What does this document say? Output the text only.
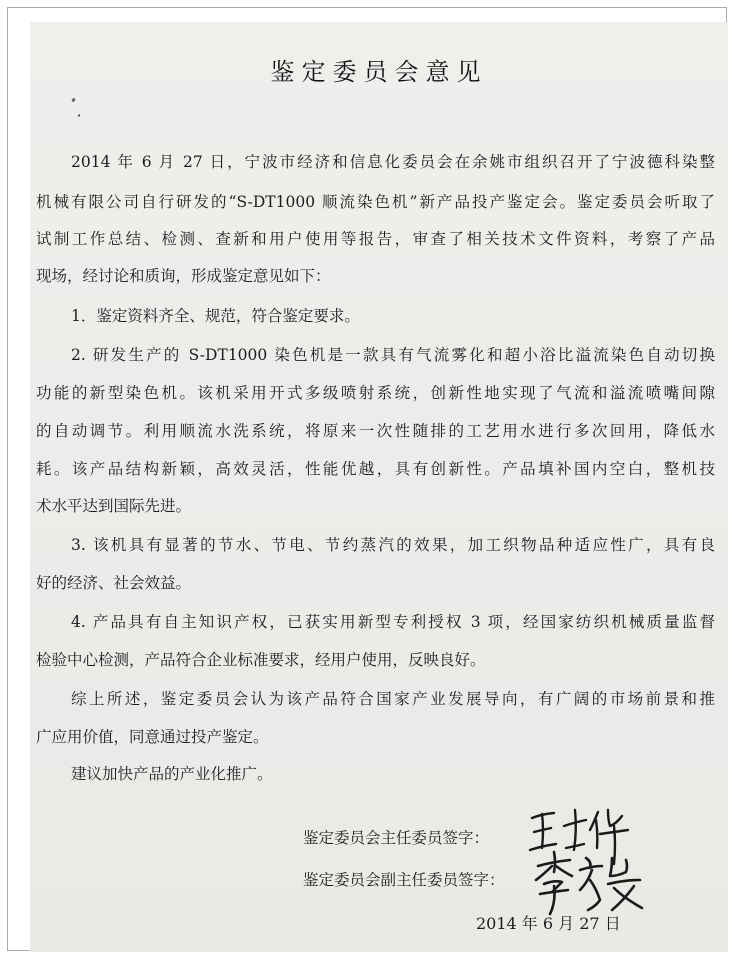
鉴定委员会意见
2014 年 6 月 27 日，宁波市经济和信息化委员会在余姚市组织召开了宁波德科染整
机械有限公司自行研发的“S-DT1000 顺流染色机”新产品投产鉴定会。鉴定委员会听取了
试制工作总结、检测、查新和用户使用等报告，审查了相关技术文件资料，考察了产品
现场，经讨论和质询，形成鉴定意见如下：
1．鉴定资料齐全、规范，符合鉴定要求。
2. 研发生产的 S-DT1000 染色机是一款具有气流雾化和超小浴比溢流染色自动切换
功能的新型染色机。该机采用开式多级喷射系统，创新性地实现了气流和溢流喷嘴间隙
的自动调节。利用顺流水洗系统，将原来一次性随排的工艺用水进行多次回用，降低水
耗。该产品结构新颖，高效灵活，性能优越，具有创新性。产品填补国内空白，整机技
术水平达到国际先进。
3. 该机具有显著的节水、节电、节约蒸汽的效果，加工织物品种适应性广，具有良
好的经济、社会效益。
4. 产品具有自主知识产权，已获实用新型专利授权 3 项，经国家纺织机械质量监督
检验中心检测，产品符合企业标准要求，经用户使用，反映良好。
综上所述，鉴定委员会认为该产品符合国家产业发展导向，有广阔的市场前景和推
广应用价值，同意通过投产鉴定。
建议加快产品的产业化推广。
鉴定委员会主任委员签字：
鉴定委员会副主任委员签字：
2014 年 6 月 27 日
